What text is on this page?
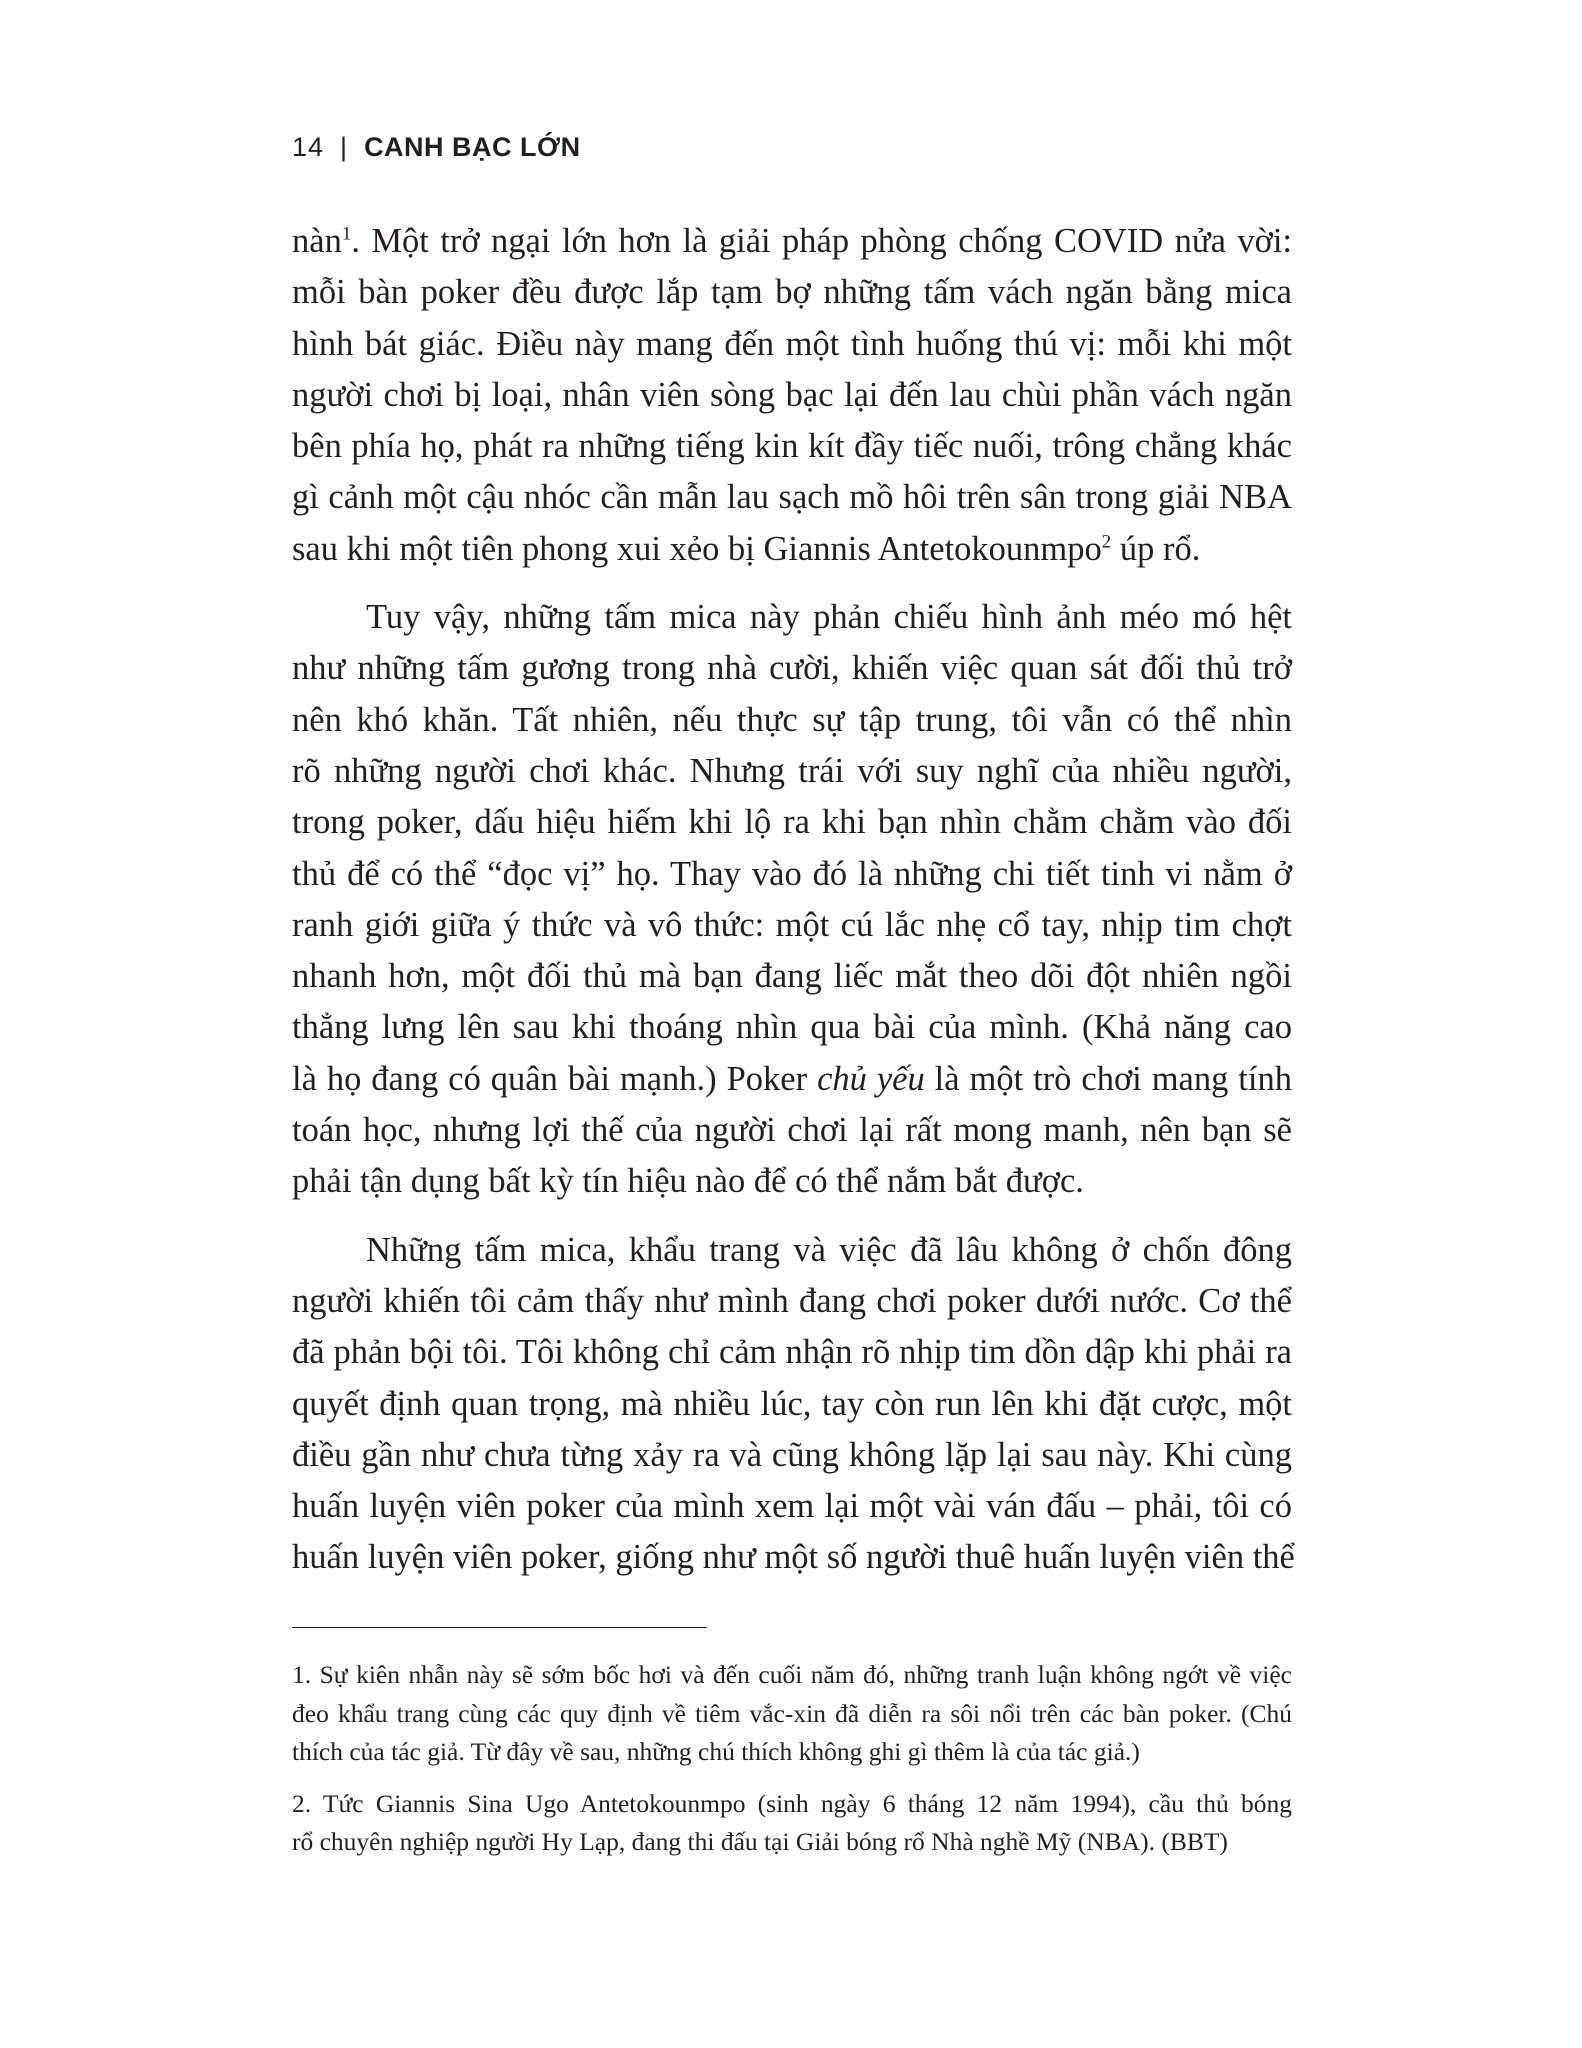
14 | CANH BẠC LỚN
nàn$^1$. Một trở ngại lớn hơn là giải pháp phòng chống COVID nửa vời:
mỗi bàn poker đều được lắp tạm bợ những tấm vách ngăn bằng mica
hình bát giác. Điều này mang đến một tình huống thú vị: mỗi khi một
người chơi bị loại, nhân viên sòng bạc lại đến lau chùi phần vách ngăn
bên phía họ, phát ra những tiếng kin kít đầy tiếc nuối, trông chẳng khác
gì cảnh một cậu nhóc cần mẫn lau sạch mồ hôi trên sân trong giải NBA
sau khi một tiên phong xui xẻo bị Giannis Antetokounmpo$^2$ úp rổ.
Tuy vậy, những tấm mica này phản chiếu hình ảnh méo mó hệt
như những tấm gương trong nhà cười, khiến việc quan sát đối thủ trở
nên khó khăn. Tất nhiên, nếu thực sự tập trung, tôi vẫn có thể nhìn
rõ những người chơi khác. Nhưng trái với suy nghĩ của nhiều người,
trong poker, dấu hiệu hiếm khi lộ ra khi bạn nhìn chằm chằm vào đối
thủ để có thể “đọc vị” họ. Thay vào đó là những chi tiết tinh vi nằm ở
ranh giới giữa ý thức và vô thức: một cú lắc nhẹ cổ tay, nhịp tim chợt
nhanh hơn, một đối thủ mà bạn đang liếc mắt theo dõi đột nhiên ngồi
thẳng lưng lên sau khi thoáng nhìn qua bài của mình. (Khả năng cao
là họ đang có quân bài mạnh.) Poker chủ yếu là một trò chơi mang tính
toán học, nhưng lợi thế của người chơi lại rất mong manh, nên bạn sẽ
phải tận dụng bất kỳ tín hiệu nào để có thể nắm bắt được.
Những tấm mica, khẩu trang và việc đã lâu không ở chốn đông
người khiến tôi cảm thấy như mình đang chơi poker dưới nước. Cơ thể
đã phản bội tôi. Tôi không chỉ cảm nhận rõ nhịp tim dồn dập khi phải ra
quyết định quan trọng, mà nhiều lúc, tay còn run lên khi đặt cược, một
điều gần như chưa từng xảy ra và cũng không lặp lại sau này. Khi cùng
huấn luyện viên poker của mình xem lại một vài ván đấu – phải, tôi có
huấn luyện viên poker, giống như một số người thuê huấn luyện viên thể
1. Sự kiên nhẫn này sẽ sớm bốc hơi và đến cuối năm đó, những tranh luận không ngớt về việc
đeo khẩu trang cùng các quy định về tiêm vắc-xin đã diễn ra sôi nổi trên các bàn poker. (Chú
thích của tác giả. Từ đây về sau, những chú thích không ghi gì thêm là của tác giả.)
2. Tức Giannis Sina Ugo Antetokounmpo (sinh ngày 6 tháng 12 năm 1994), cầu thủ bóng
rổ chuyên nghiệp người Hy Lạp, đang thi đấu tại Giải bóng rổ Nhà nghề Mỹ (NBA). (BBT)
